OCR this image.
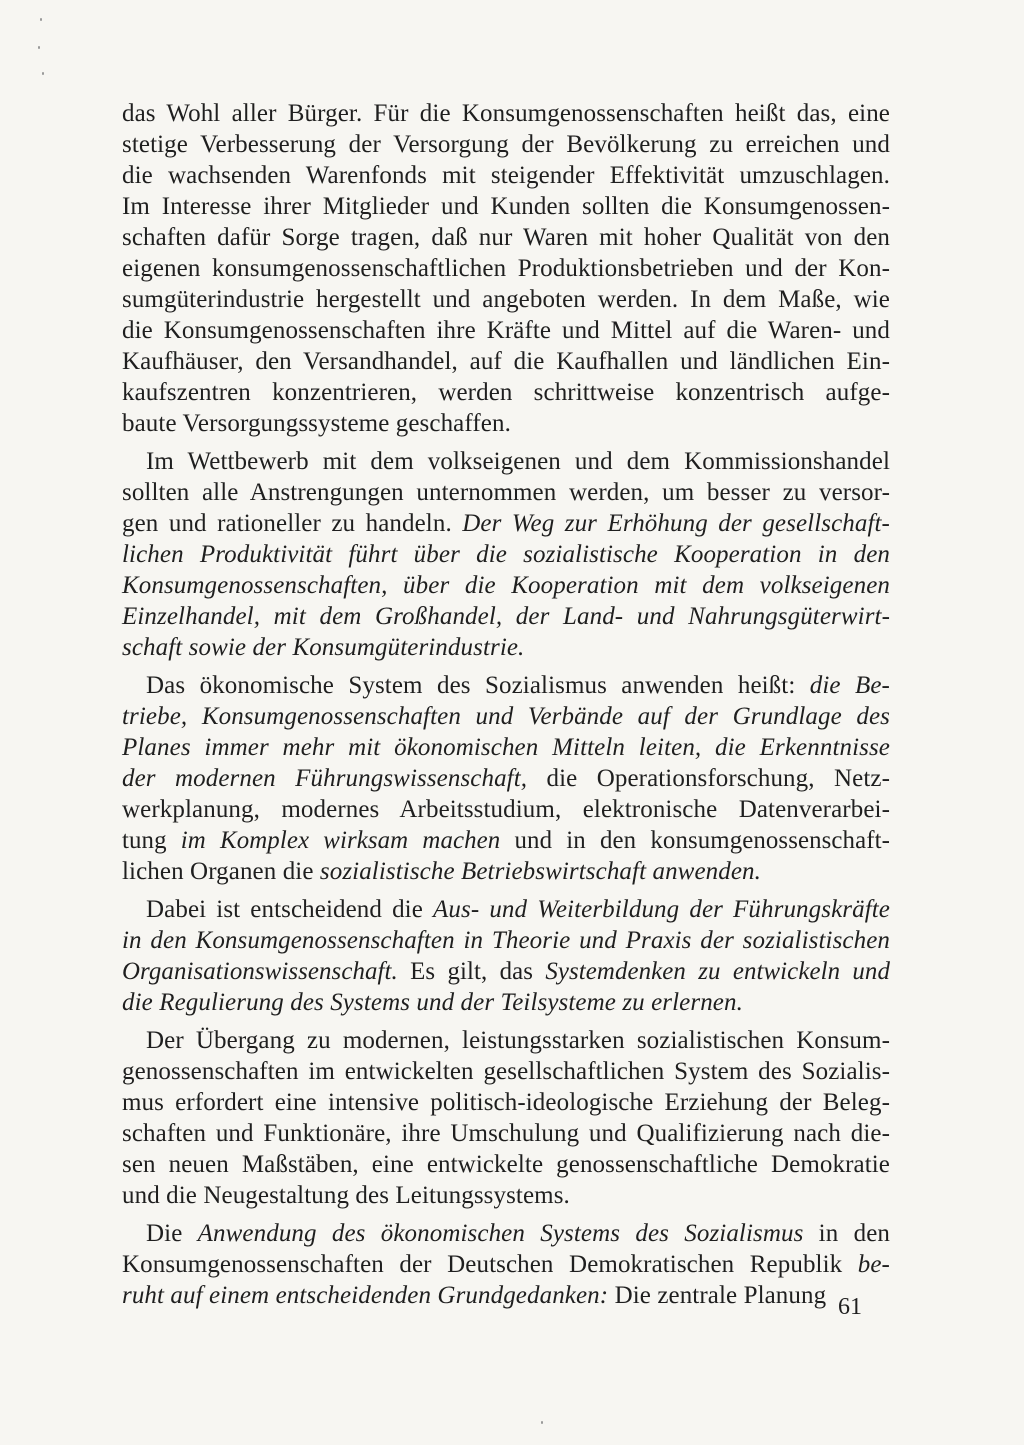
das Wohl aller Bürger. Für die Konsumgenossenschaften heißt das, eine
stetige Verbesserung der Versorgung der Bevölkerung zu erreichen und
die wachsenden Warenfonds mit steigender Effektivität umzuschlagen.
Im Interesse ihrer Mitglieder und Kunden sollten die Konsumgenossen-
schaften dafür Sorge tragen, daß nur Waren mit hoher Qualität von den
eigenen konsumgenossenschaftlichen Produktionsbetrieben und der Kon-
sumgüterindustrie hergestellt und angeboten werden. In dem Maße, wie
die Konsumgenossenschaften ihre Kräfte und Mittel auf die Waren- und
Kaufhäuser, den Versandhandel, auf die Kaufhallen und ländlichen Ein-
kaufszentren konzentrieren, werden schrittweise konzentrisch aufge-
baute Versorgungssysteme geschaffen.
Im Wettbewerb mit dem volkseigenen und dem Kommissionshandel
sollten alle Anstrengungen unternommen werden, um besser zu versor-
gen und rationeller zu handeln. Der Weg zur Erhöhung der gesellschaft-
lichen Produktivität führt über die sozialistische Kooperation in den
Konsumgenossenschaften, über die Kooperation mit dem volkseigenen
Einzelhandel, mit dem Großhandel, der Land- und Nahrungsgüterwirt-
schaft sowie der Konsumgüterindustrie.
Das ökonomische System des Sozialismus anwenden heißt: die Be-
triebe, Konsumgenossenschaften und Verbände auf der Grundlage des
Planes immer mehr mit ökonomischen Mitteln leiten, die Erkenntnisse
der modernen Führungswissenschaft, die Operationsforschung, Netz-
werkplanung, modernes Arbeitsstudium, elektronische Datenverarbei-
tung im Komplex wirksam machen und in den konsumgenossenschaft-
lichen Organen die sozialistische Betriebswirtschaft anwenden.
Dabei ist entscheidend die Aus- und Weiterbildung der Führungskräfte
in den Konsumgenossenschaften in Theorie und Praxis der sozialistischen
Organisationswissenschaft. Es gilt, das Systemdenken zu entwickeln und
die Regulierung des Systems und der Teilsysteme zu erlernen.
Der Übergang zu modernen, leistungsstarken sozialistischen Konsum-
genossenschaften im entwickelten gesellschaftlichen System des Sozialis-
mus erfordert eine intensive politisch-ideologische Erziehung der Beleg-
schaften und Funktionäre, ihre Umschulung und Qualifizierung nach die-
sen neuen Maßstäben, eine entwickelte genossenschaftliche Demokratie
und die Neugestaltung des Leitungssystems.
Die Anwendung des ökonomischen Systems des Sozialismus in den
Konsumgenossenschaften der Deutschen Demokratischen Republik be-
ruht auf einem entscheidenden Grundgedanken: Die zentrale Planung 61
